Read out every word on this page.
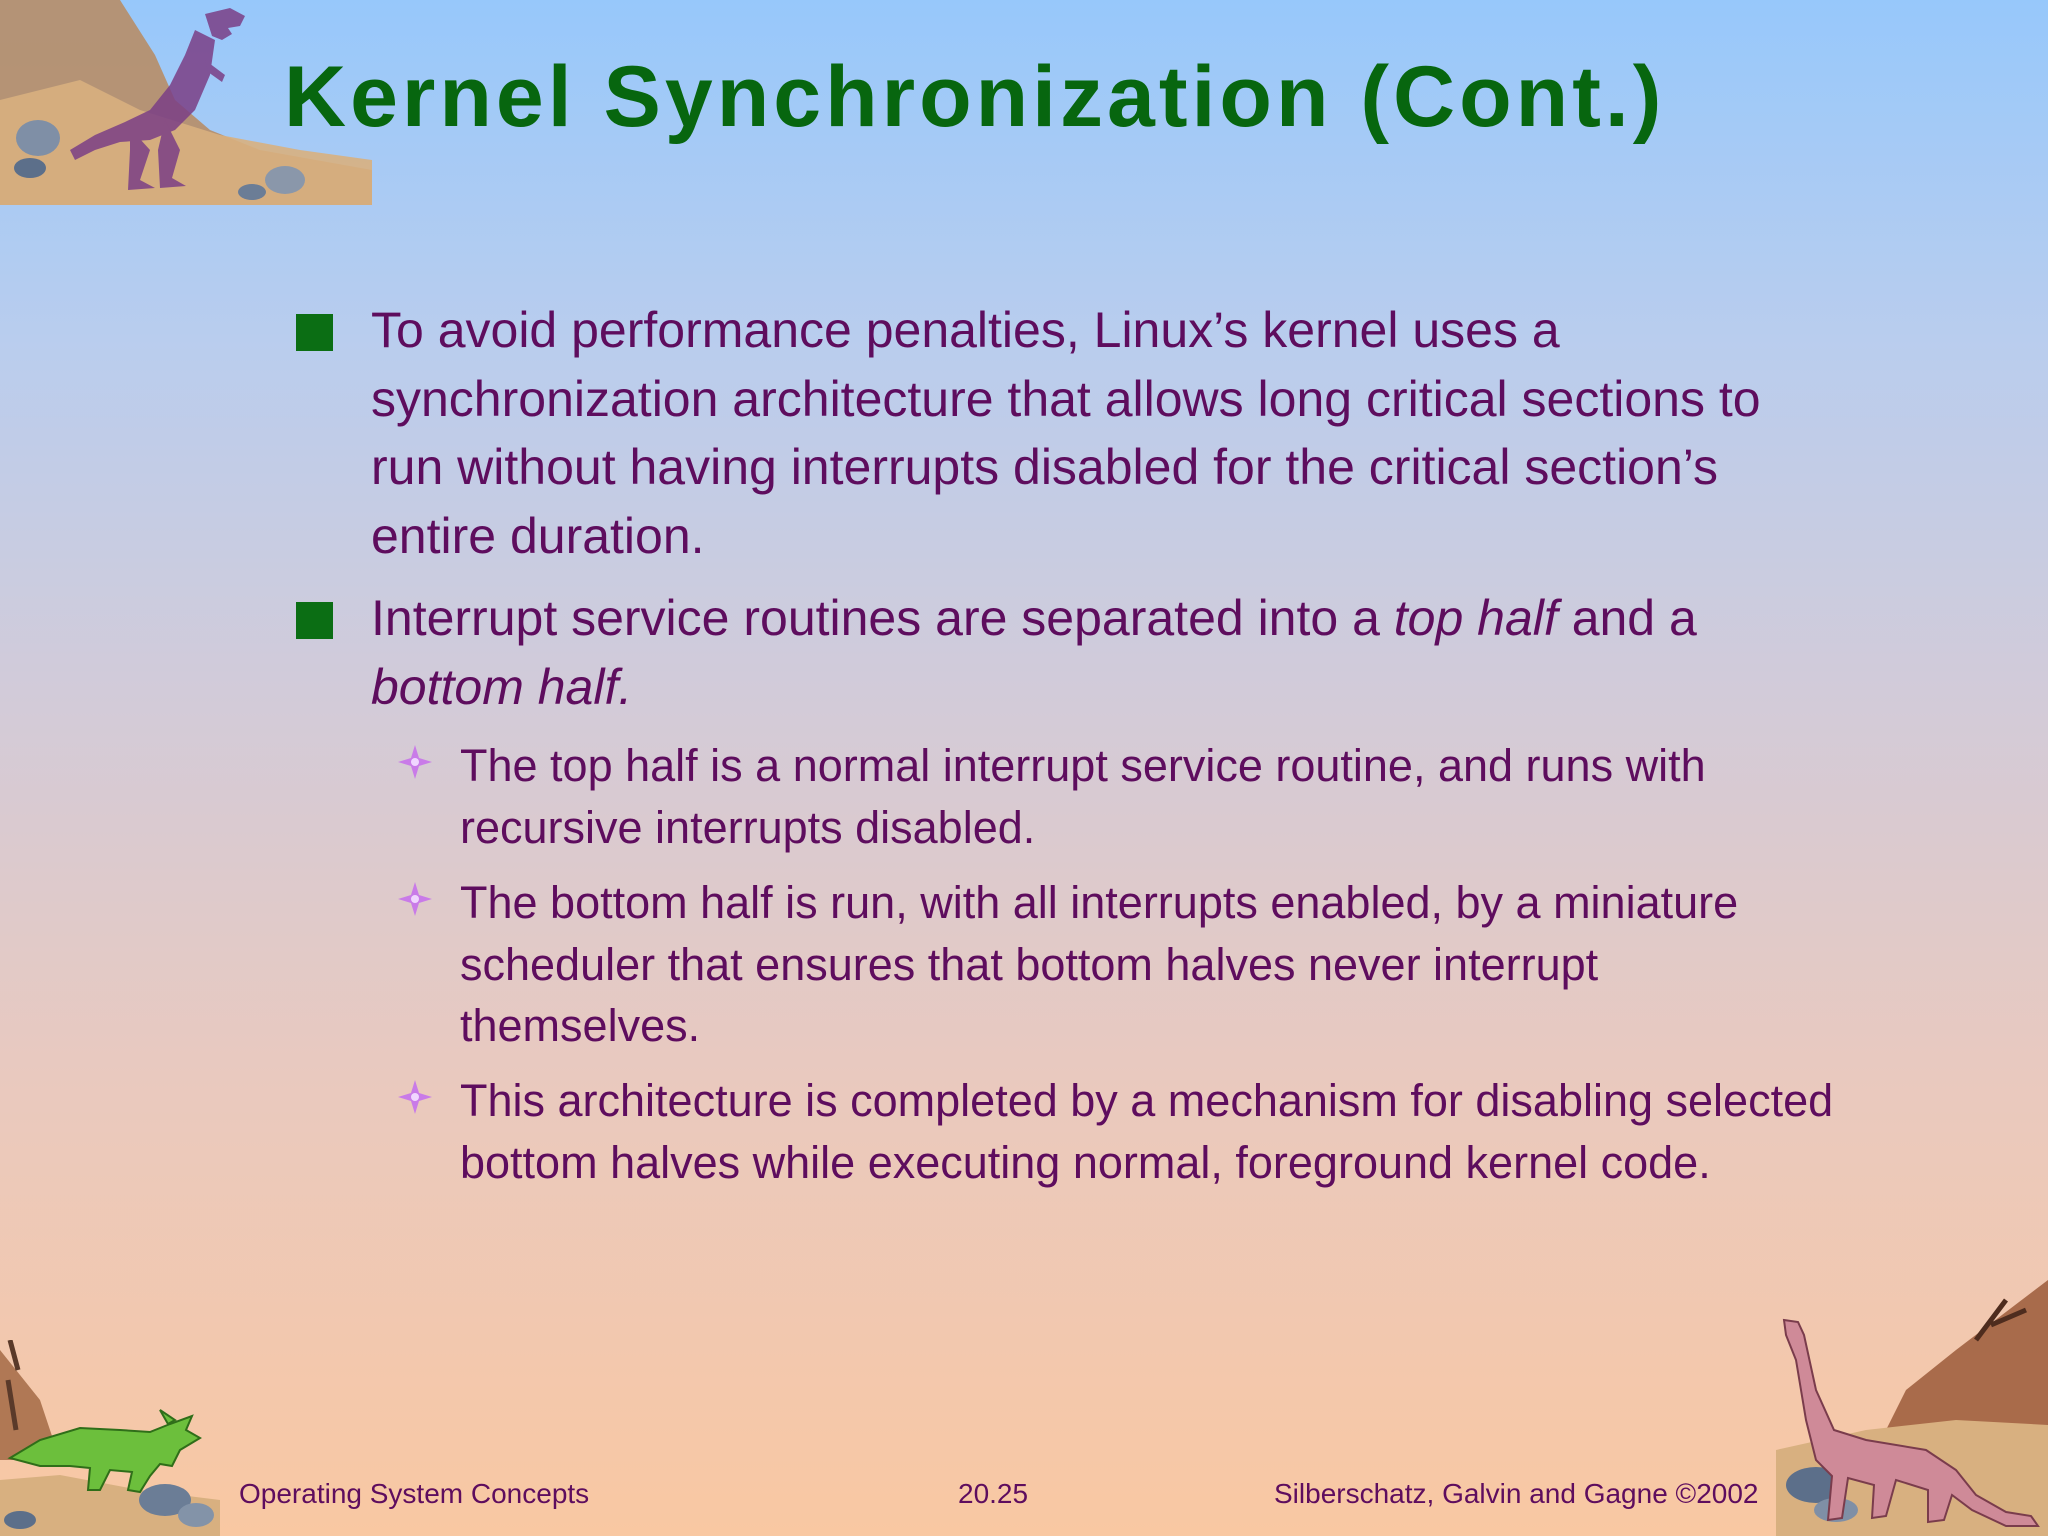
Kernel Synchronization (Cont.)
To avoid performance penalties, Linux’s kernel uses a synchronization architecture that allows long critical sections to run without having interrupts disabled for the critical section’s entire duration.
Interrupt service routines are separated into a top half and a bottom half.
The top half is a normal interrupt service routine, and runs with recursive interrupts disabled.
The bottom half is run, with all interrupts enabled, by a miniature scheduler that ensures that bottom halves never interrupt themselves.
This architecture is completed by a mechanism for disabling selected bottom halves while executing normal, foreground kernel code.
Operating System Concepts	20.25	Silberschatz, Galvin and Gagne ©2002
